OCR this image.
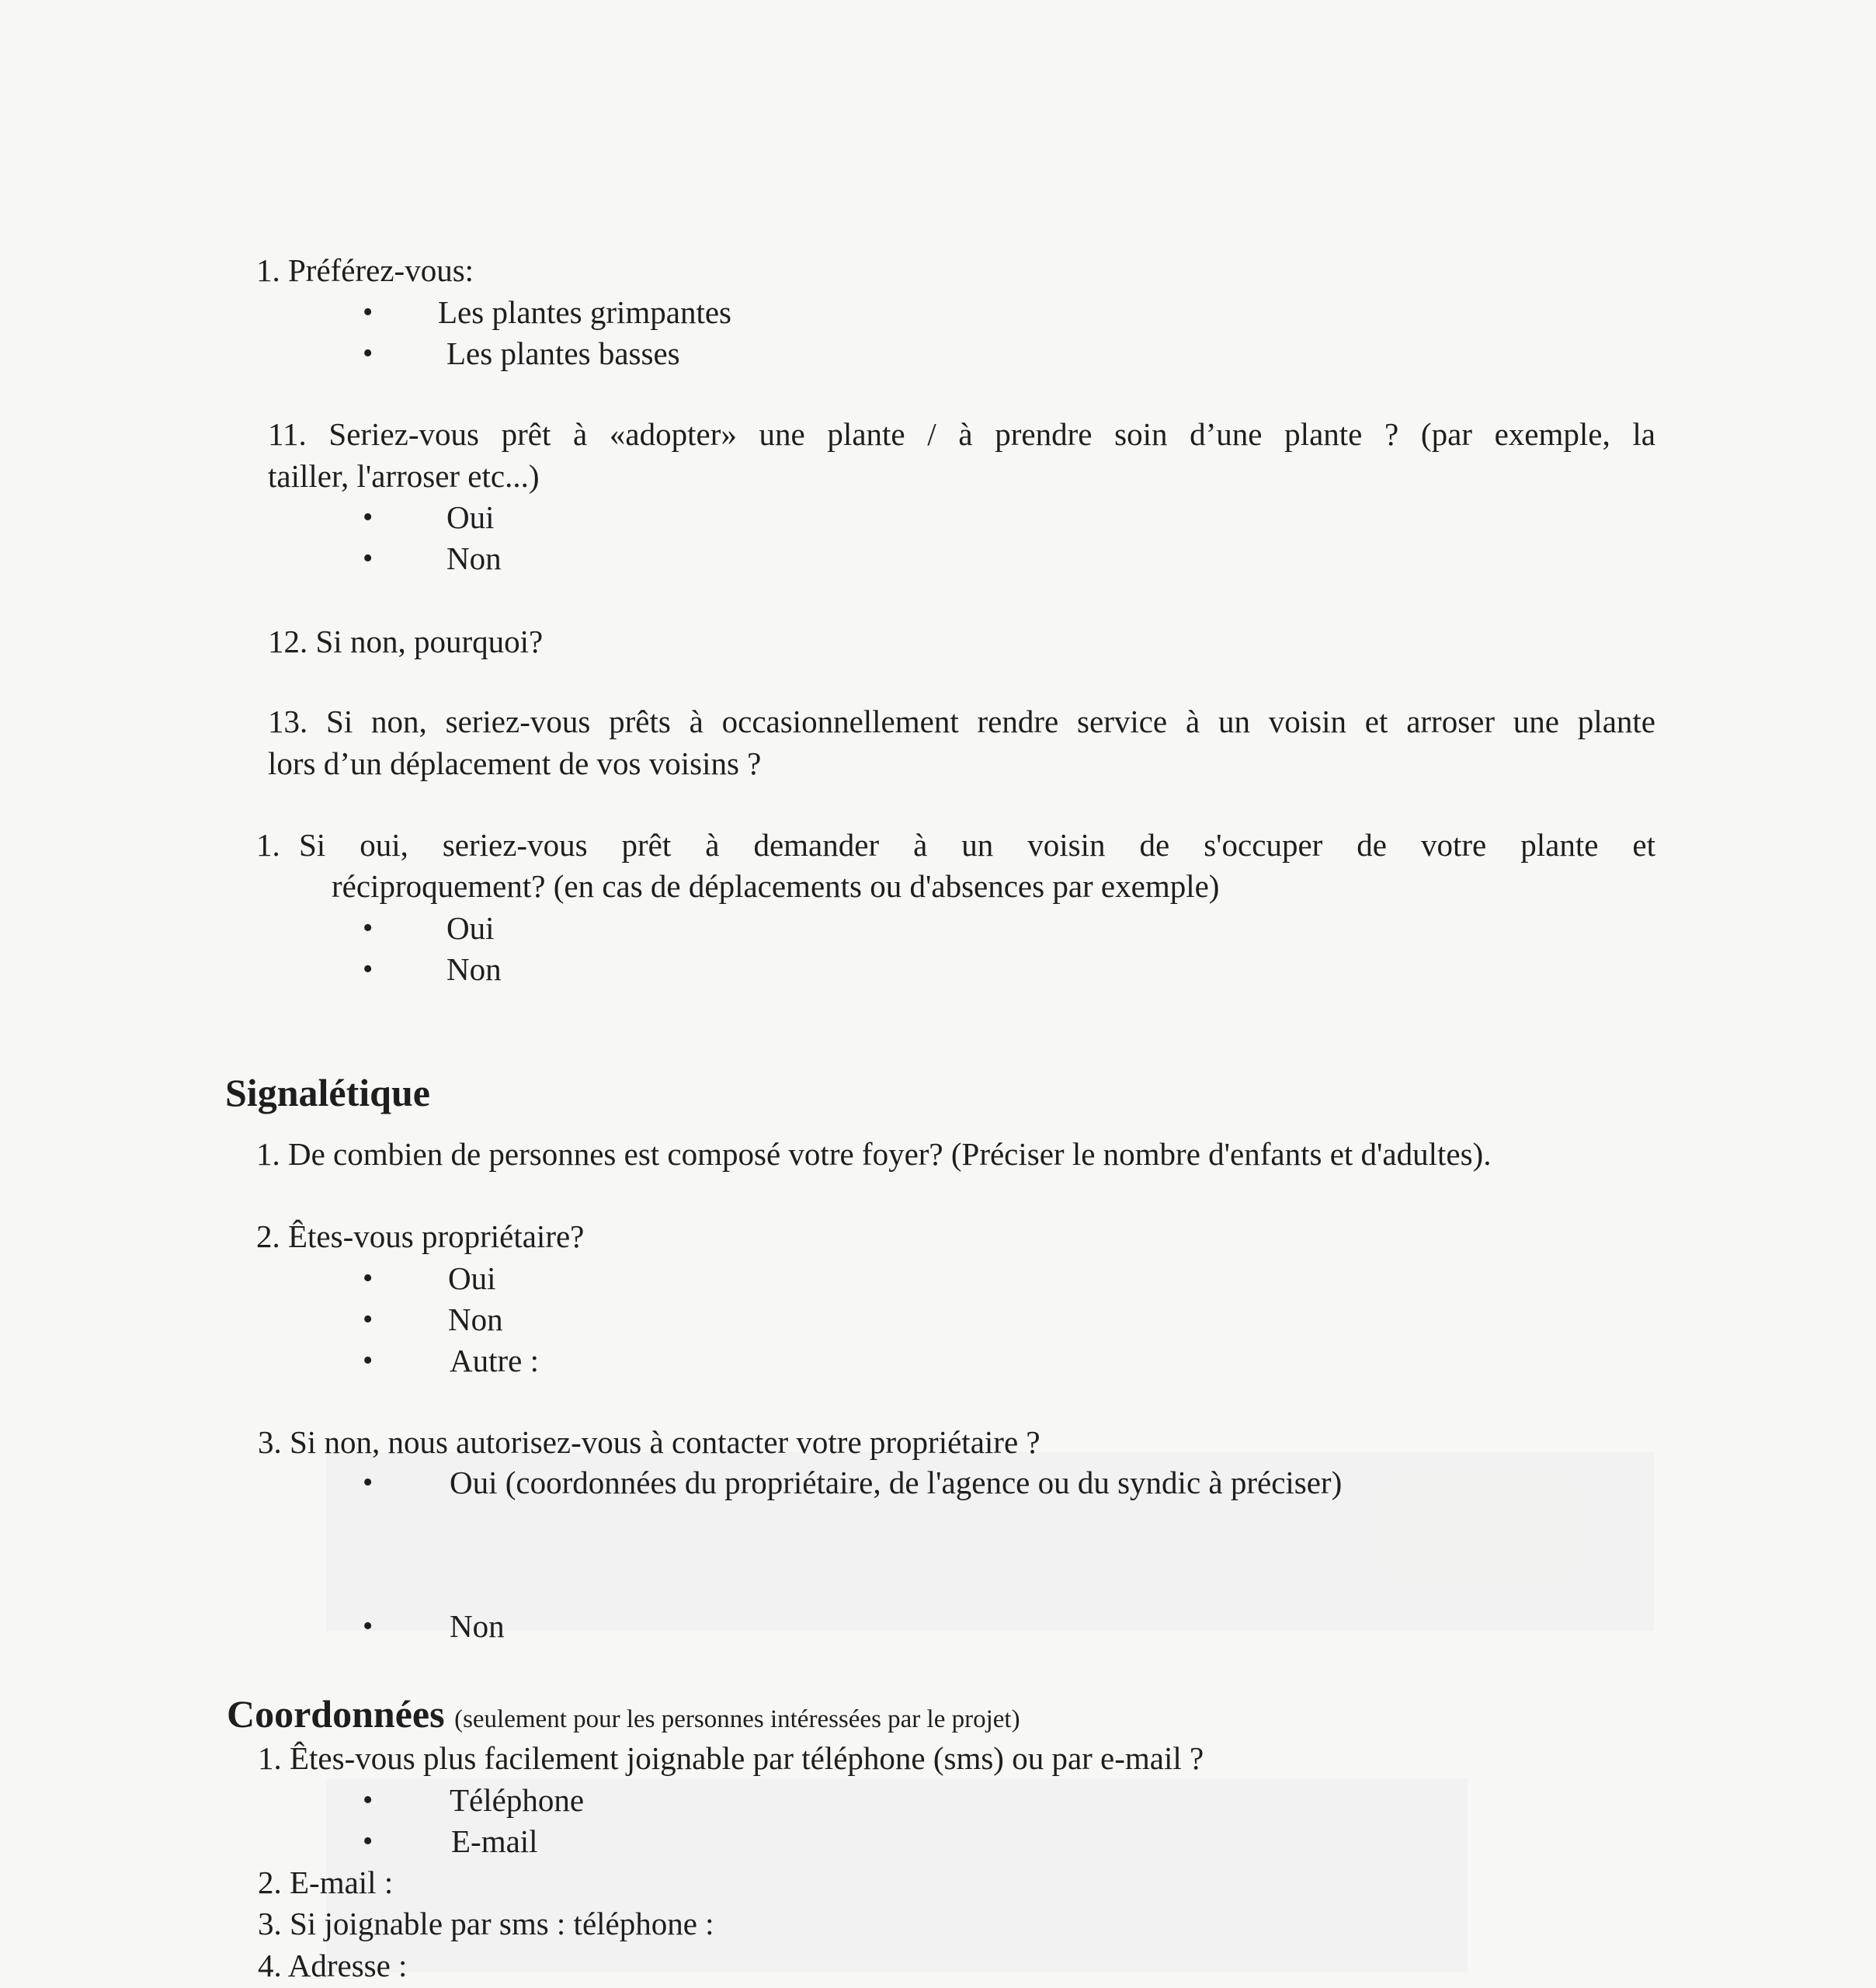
1. Préférez-vous:
• Les plantes grimpantes
• Les plantes basses
11. Seriez-vous prêt à «adopter» une plante / à prendre soin d’une plante ? (par exemple, la
tailler, l'arroser etc...)
• Oui
• Non
12. Si non, pourquoi?
13. Si non, seriez-vous prêts à occasionnellement rendre service à un voisin et arroser une plante
lors d’un déplacement de vos voisins ?
1. Si oui, seriez-vous prêt à demander à un voisin de s'occuper de votre plante et
réciproquement? (en cas de déplacements ou d'absences par exemple)
• Oui
• Non
Signalétique
1. De combien de personnes est composé votre foyer? (Préciser le nombre d'enfants et d'adultes).
2. Êtes-vous propriétaire?
• Oui
• Non
• Autre :
3. Si non, nous autorisez-vous à contacter votre propriétaire ?
• Oui (coordonnées du propriétaire, de l'agence ou du syndic à préciser)
• Non
Coordonnées (seulement pour les personnes intéressées par le projet)
1. Êtes-vous plus facilement joignable par téléphone (sms) ou par e-mail ?
• Téléphone
• E-mail
2. E-mail :
3. Si joignable par sms : téléphone :
4. Adresse :
